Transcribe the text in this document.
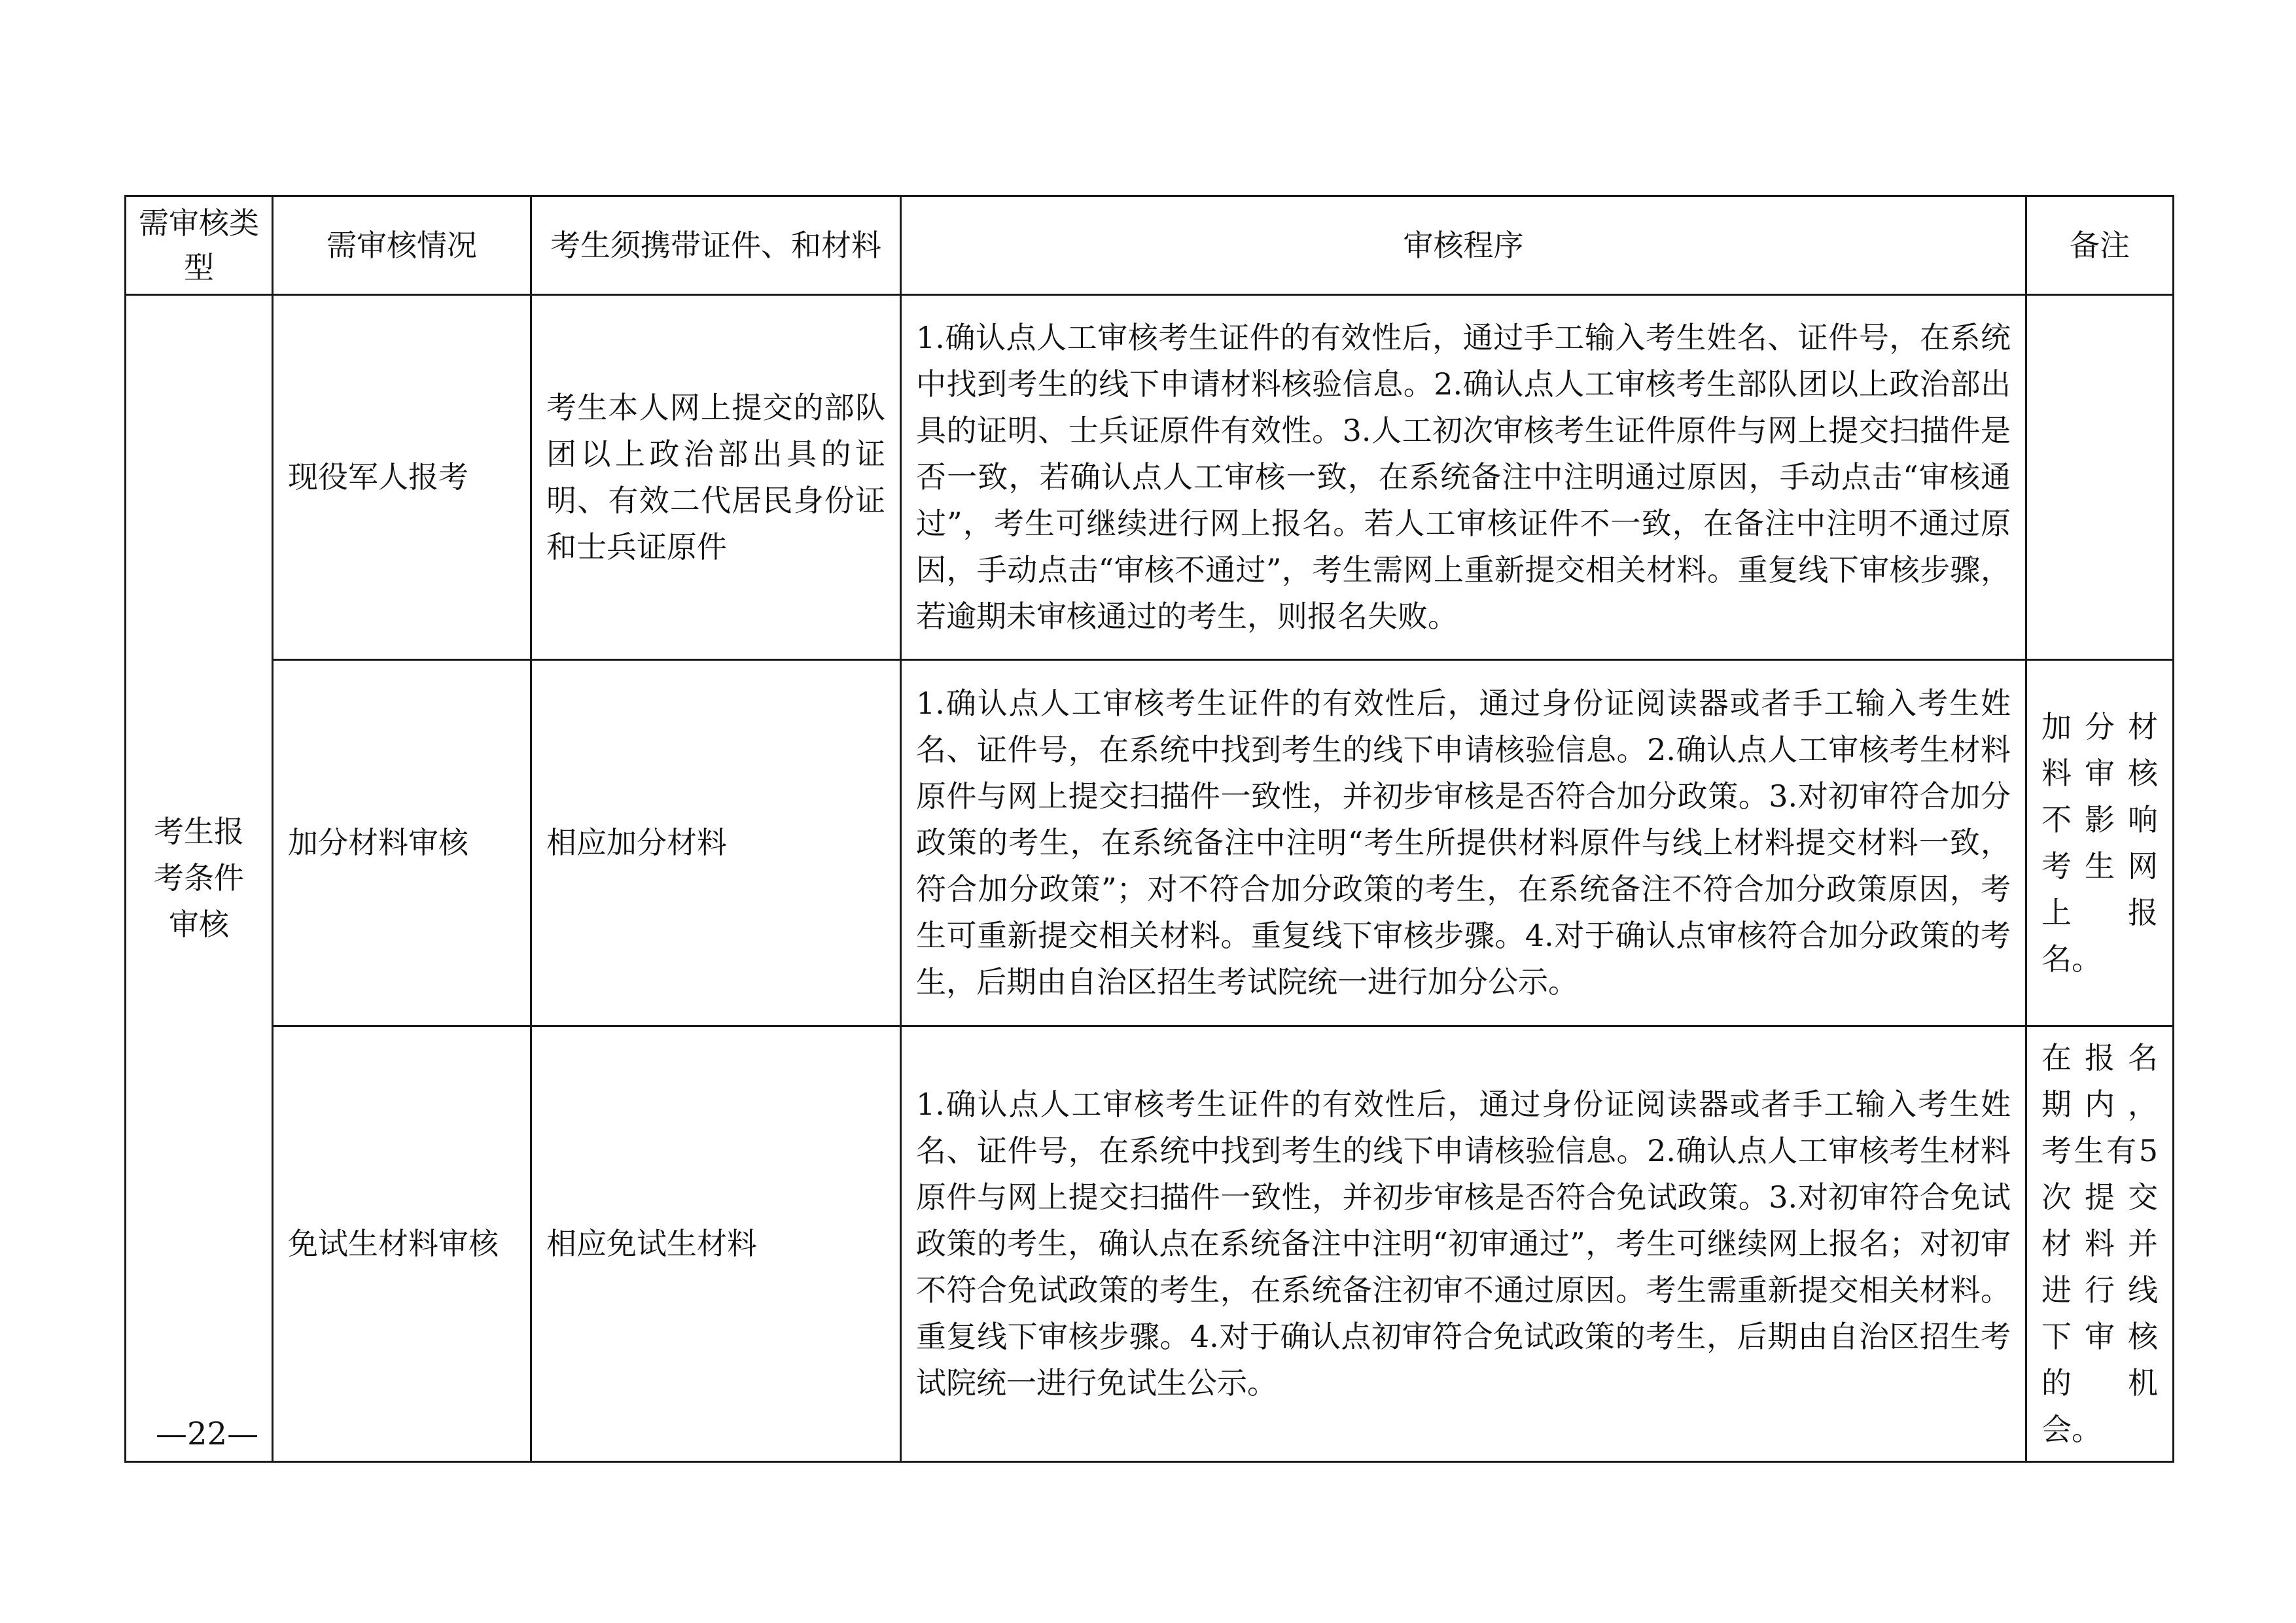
需审核类型	需审核情况	考生须携带证件、和材料	审核程序	备注
考生报考条件审核	现役军人报考	考生本人网上提交的部队团以上政治部出具的证明、有效二代居民身份证和士兵证原件	1.确认点人工审核考生证件的有效性后，通过手工输入考生姓名、证件号，在系统中找到考生的线下申请材料核验信息。2.确认点人工审核考生部队团以上政治部出具的证明、士兵证原件有效性。3.人工初次审核考生证件原件与网上提交扫描件是否一致，若确认点人工审核一致，在系统备注中注明通过原因，手动点击“审核通过”，考生可继续进行网上报名。若人工审核证件不一致，在备注中注明不通过原因，手动点击“审核不通过”，考生需网上重新提交相关材料。重复线下审核步骤，若逾期未审核通过的考生，则报名失败。	
	加分材料审核	相应加分材料	1.确认点人工审核考生证件的有效性后，通过身份证阅读器或者手工输入考生姓名、证件号，在系统中找到考生的线下申请核验信息。2.确认点人工审核考生材料原件与网上提交扫描件一致性，并初步审核是否符合加分政策。3.对初审符合加分政策的考生，在系统备注中注明“考生所提供材料原件与线上材料提交材料一致，符合加分政策”；对不符合加分政策的考生，在系统备注不符合加分政策原因，考生可重新提交相关材料。重复线下审核步骤。4.对于确认点审核符合加分政策的考生，后期由自治区招生考试院统一进行加分公示。	加分材料审核不影响考生网上报名。
	免试生材料审核	相应免试生材料	1.确认点人工审核考生证件的有效性后，通过身份证阅读器或者手工输入考生姓名、证件号，在系统中找到考生的线下申请核验信息。2.确认点人工审核考生材料原件与网上提交扫描件一致性，并初步审核是否符合免试政策。3.对初审符合免试政策的考生，确认点在系统备注中注明“初审通过”，考生可继续网上报名；对初审不符合免试政策的考生，在系统备注初审不通过原因。考生需重新提交相关材料。重复线下审核步骤。4.对于确认点初审符合免试政策的考生，后期由自治区招生考试院统一进行免试生公示。	在报名期内，考生有5次提交材料并进行线下审核的机会。
—22—
